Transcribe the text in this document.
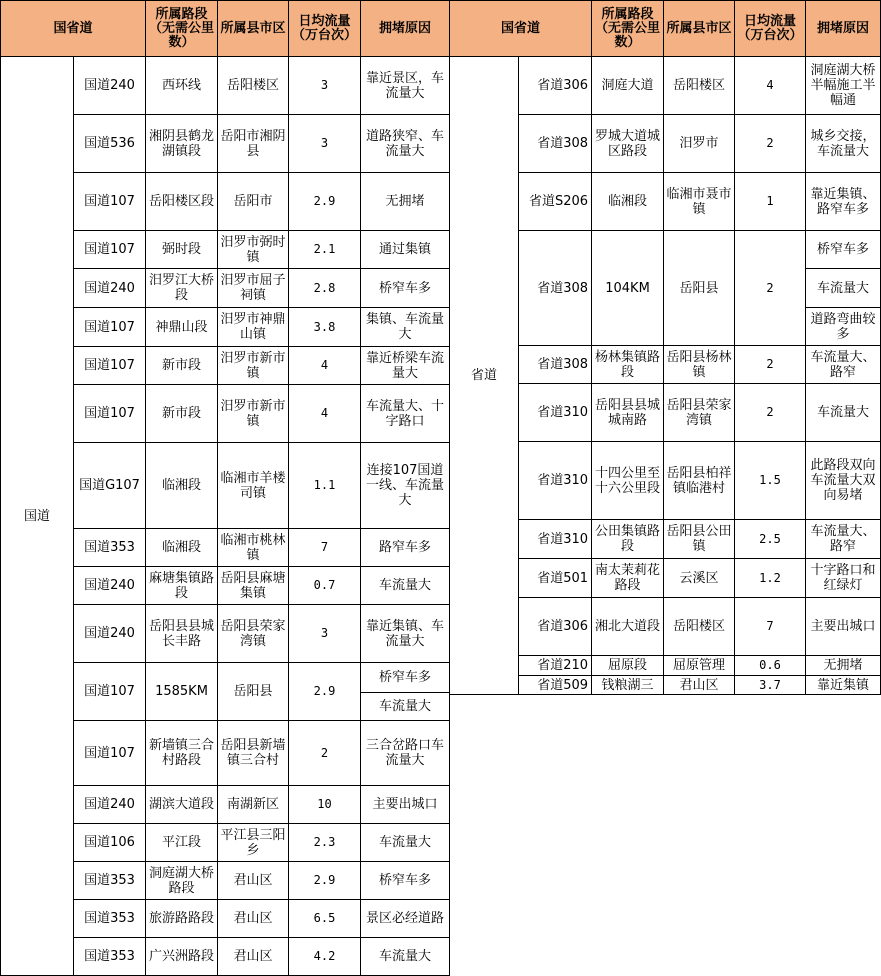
国省道		所属路段（无需公里数）	所属县市区	日均流量（万台次）	拥堵原因
国道	国道240	西环线	岳阳楼区	3	靠近景区，车流量大
	国道536	湘阴县鹤龙湖镇段	岳阳市湘阴县	3	道路狭窄、车流量大
	国道107	岳阳楼区段	岳阳市	2.9	无拥堵
	国道107	弼时段	汨罗市弼时镇	2.1	通过集镇
	国道240	汨罗江大桥段	汨罗市屈子祠镇	2.8	桥窄车多
	国道107	神鼎山段	汨罗市神鼎山镇	3.8	集镇、车流量大
	国道107	新市段	汨罗市新市镇	4	靠近桥梁车流量大
	国道107	新市段	汨罗市新市镇	4	车流量大、十字路口
	国道G107	临湘段	临湘市羊楼司镇	1.1	连接107国道一线、车流量大
	国道353	临湘段	临湘市桃林镇	7	路窄车多
	国道240	麻塘集镇路段	岳阳县麻塘集镇	0.7	车流量大
	国道240	岳阳县县城长丰路	岳阳县荣家湾镇	3	靠近集镇、车流量大
	国道107	1585KM	岳阳县	2.9	桥窄车多
					车流量大
	国道107	新墙镇三合村路段	岳阳县新墙镇三合村	2	三合岔路口车流量大
	国道240	湖滨大道段	南湖新区	10	主要出城口
	国道106	平江段	平江县三阳乡	2.3	车流量大
	国道353	洞庭湖大桥路段	君山区	2.9	桥窄车多
	国道353	旅游路路段	君山区	6.5	景区必经道路
	国道353	广兴洲路段	君山区	4.2	车流量大
国省道		所属路段（无需公里数）	所属县市区	日均流量（万台次）	拥堵原因
省道	省道306	洞庭大道	岳阳楼区	4	洞庭湖大桥半幅施工半幅通
	省道308	罗城大道城区路段	汨罗市	2	城乡交接，车流量大
	省道S206	临湘段	临湘市聂市镇	1	靠近集镇、路窄车多
	省道308	104KM	岳阳县	2	桥窄车多
					车流量大
					道路弯曲较多
	省道308	杨林集镇路段	岳阳县杨林镇	2	车流量大、路窄
	省道310	岳阳县县城城南路	岳阳县荣家湾镇	2	车流量大
	省道310	十四公里至十六公里段	岳阳县柏祥镇临港村	1.5	此路段双向车流量大双向易堵
	省道310	公田集镇路段	岳阳县公田镇	2.5	车流量大、路窄
	省道501	南太茉莉花路段	云溪区	1.2	十字路口和红绿灯
	省道306	湘北大道段	岳阳楼区	7	主要出城口
	省道210	屈原段	屈原管理	0.6	无拥堵
	省道509	钱粮湖三	君山区	3.7	靠近集镇
